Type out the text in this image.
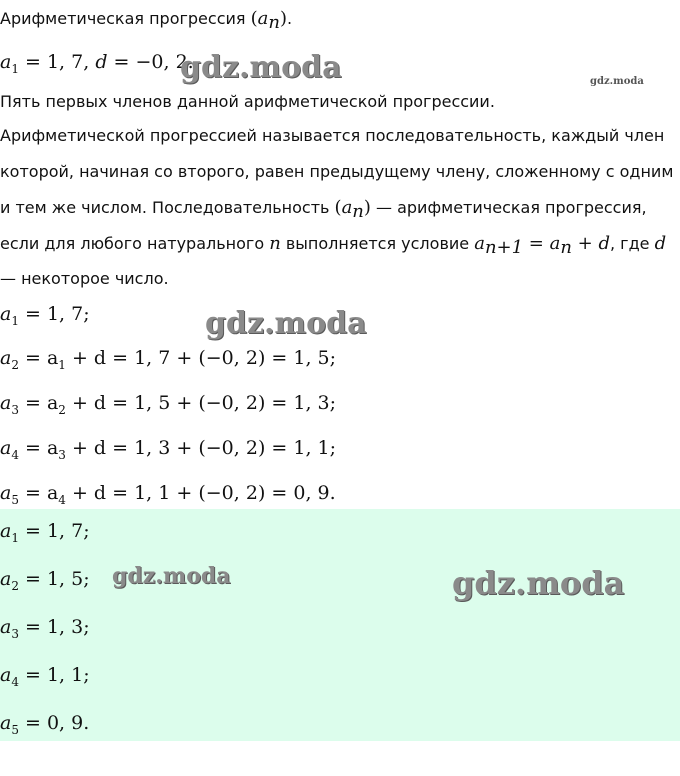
Арифметическая прогрессия $(a_n)$.
$a_1 = 1$, 7, d = −0, 2.
Пять первых членов данной арифметической прогрессии.
Арифметической прогрессией называется последовательность, каждый член
которой, начиная со второго, равен предыдущему члену, сложенному с одним
и тем же числом. Последовательность $(a_n)$ — арифметическая прогрессия,
если для любого натурального n выполняется условие $a_{n+1} = a_n + d$, где d
— некоторое число.
$a_1 = 1$, 7;
$a_2 = a_1 + d = 1$, 7 + (−0, 2) = 1, 5;
$a_3 = a_2 + d = 1$, 5 + (−0, 2) = 1, 3;
$a_4 = a_3 + d = 1$, 3 + (−0, 2) = 1, 1;
$a_5 = a_4 + d = 1$, 1 + (−0, 2) = 0, 9.
$a_1 = 1$, 7;
$a_2 = 1$, 5;
$a_3 = 1$, 3;
$a_4 = 1$, 1;
$a_5 = 0$, 9.
gdz.moda	gdz.moda
gdz.moda
gdz.moda	gdz.moda
